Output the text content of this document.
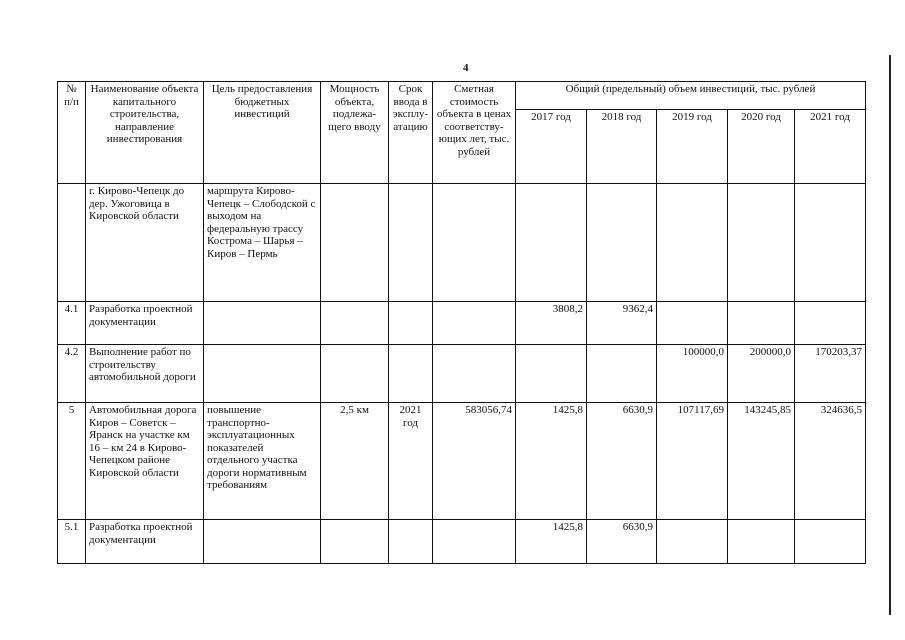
4
№ п/п	Наименование объекта капитального строительства, направление инвестирования	Цель предоставления бюджетных инвестиций	Мощность объекта, подлежа-щего вводу	Срок ввода в эксплу-атацию	Сметная стоимость объекта в ценах соответству-ющих лет, тыс. рублей	Общий (предельный) объем инвестиций, тыс. рублей				
						2017 год	2018 год	2019 год	2020 год	2021 год
	г. Кирово-Чепецк до дер. Ужоговица в Кировской области	маршрута Кирово-Чепецк – Слободской с выходом на федеральную трассу Кострома – Шарья – Киров – Пермь								
4.1	Разработка проектной документации					3808,2	9362,4			
4.2	Выполнение работ по строительству автомобильной дороги							100000,0	200000,0	170203,37
5	Автомобильная дорога Киров – Советск – Яранск на участке км 16 – км 24 в Кирово-Чепецком районе Кировской области	повышение транспортно-эксплуатационных показателей отдельного участка дороги нормативным требованиям	2,5 км	2021 год	583056,74	1425,8	6630,9	107117,69	143245,85	324636,5
5.1	Разработка проектной документации					1425,8	6630,9			
